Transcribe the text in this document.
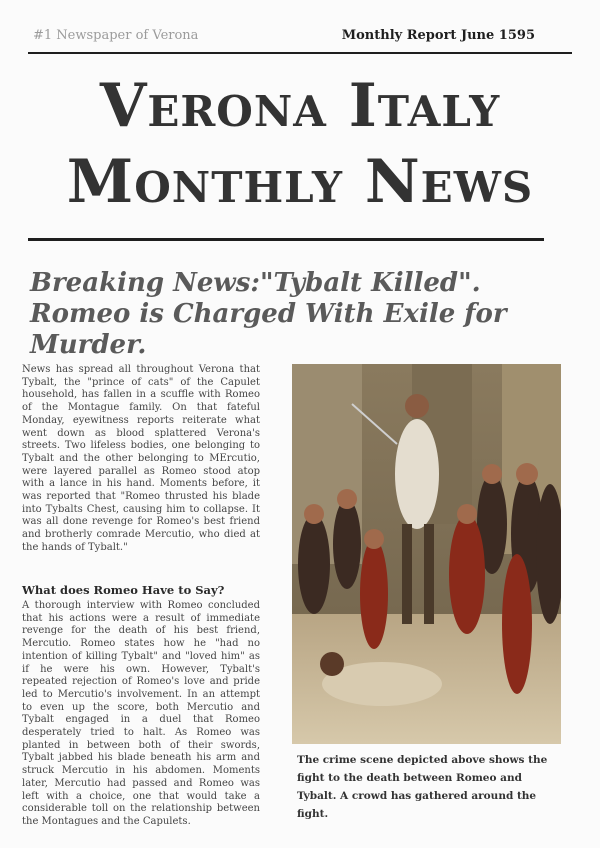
#1 Newspaper of Verona	Monthly Report June 1595
Verona Italy
Monthly News
Breaking News:"Tybalt Killed". Romeo is Charged With Exile for Murder.

News has spread all throughout Verona that Tybalt, the "prince of cats" of the Capulet household, has fallen in a scuffle with Romeo of the Montague family. On that fateful Monday, eyewitness reports reiterate what went down as blood splattered Verona's streets. Two lifeless bodies, one belonging to Tybalt and the other belonging to MErcutio, were layered parallel as Romeo stood atop with a lance in his hand. Moments before, it was reported that "Romeo thrusted his blade into Tybalts Chest, causing him to collapse. It was all done revenge for Romeo's best friend and brotherly comrade Mercutio, who died at the hands of Tybalt."

What does Romeo Have to Say?

A thorough interview with Romeo concluded that his actions were a result of immediate revenge for the death of his best friend, Mercutio. Romeo states how he "had no intention of killing Tybalt" and "loved him" as if he were his own. However, Tybalt's repeated rejection of Romeo's love and pride led to Mercutio's involvement. In an attempt to even up the score, both Mercutio and Tybalt engaged in a duel that Romeo desperately tried to halt. As Romeo was planted in between both of their swords, Tybalt jabbed his blade beneath his arm and struck Mercutio in his abdomen. Moments later, Mercutio had passed and Romeo was left with a choice, one that would take a considerable toll on the relationship between the Montagues and the Capulets.

The crime scene depicted above shows the fight to the death between Romeo and Tybalt. A crowd has gathered around the fight.
